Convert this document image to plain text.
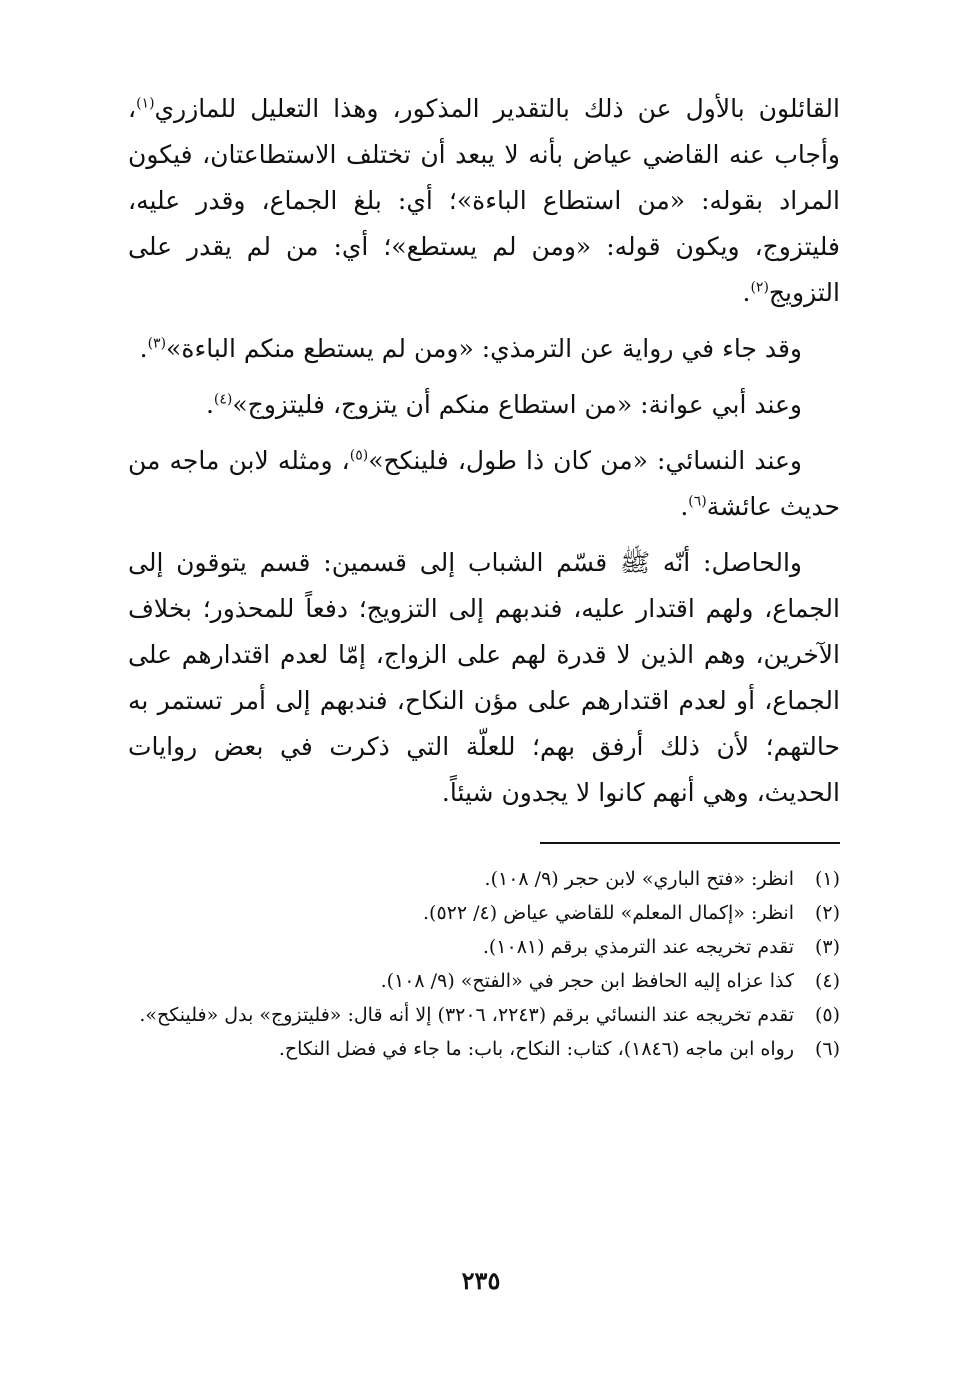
القائلون بالأول عن ذلك بالتقدير المذكور، وهذا التعليل للمازري$^{(١)}$، وأجاب عنه القاضي عياض بأنه لا يبعد أن تختلف الاستطاعتان، فيكون المراد بقوله: «من استطاع الباءة»؛ أي: بلغ الجماع، وقدر عليه، فليتزوج، ويكون قوله: «ومن لم يستطع»؛ أي: من لم يقدر على التزويج$^{(٢)}$.

وقد جاء في رواية عن الترمذي: «ومن لم يستطع منكم الباءة»$^{(٣)}$.

وعند أبي عوانة: «من استطاع منكم أن يتزوج، فليتزوج»$^{(٤)}$.

وعند النسائي: «من كان ذا طول، فلينكح»$^{(٥)}$، ومثله لابن ماجه من حديث عائشة$^{(٦)}$.

والحاصل: أنّه ﷺ قسّم الشباب إلى قسمين: قسم يتوقون إلى الجماع، ولهم اقتدار عليه، فندبهم إلى التزويج؛ دفعاً للمحذور؛ بخلاف الآخرين، وهم الذين لا قدرة لهم على الزواج، إمّا لعدم اقتدارهم على الجماع، أو لعدم اقتدارهم على مؤن النكاح، فندبهم إلى أمر تستمر به حالتهم؛ لأن ذلك أرفق بهم؛ للعلّة التي ذكرت في بعض روايات الحديث، وهي أنهم كانوا لا يجدون شيئاً.

(١)
انظر: «فتح الباري» لابن حجر (٩/ ١٠٨).
(٢)
انظر: «إكمال المعلم» للقاضي عياض (٤/ ٥٢٢).
(٣)
تقدم تخريجه عند الترمذي برقم (١٠٨١).
(٤)
كذا عزاه إليه الحافظ ابن حجر في «الفتح» (٩/ ١٠٨).
(٥)
تقدم تخريجه عند النسائي برقم (٢٢٤٣، ٣٢٠٦) إلا أنه قال: «فليتزوج» بدل «فلينكح».
(٦)
رواه ابن ماجه (١٨٤٦)، كتاب: النكاح، باب: ما جاء في فضل النكاح.
٢٣٥
